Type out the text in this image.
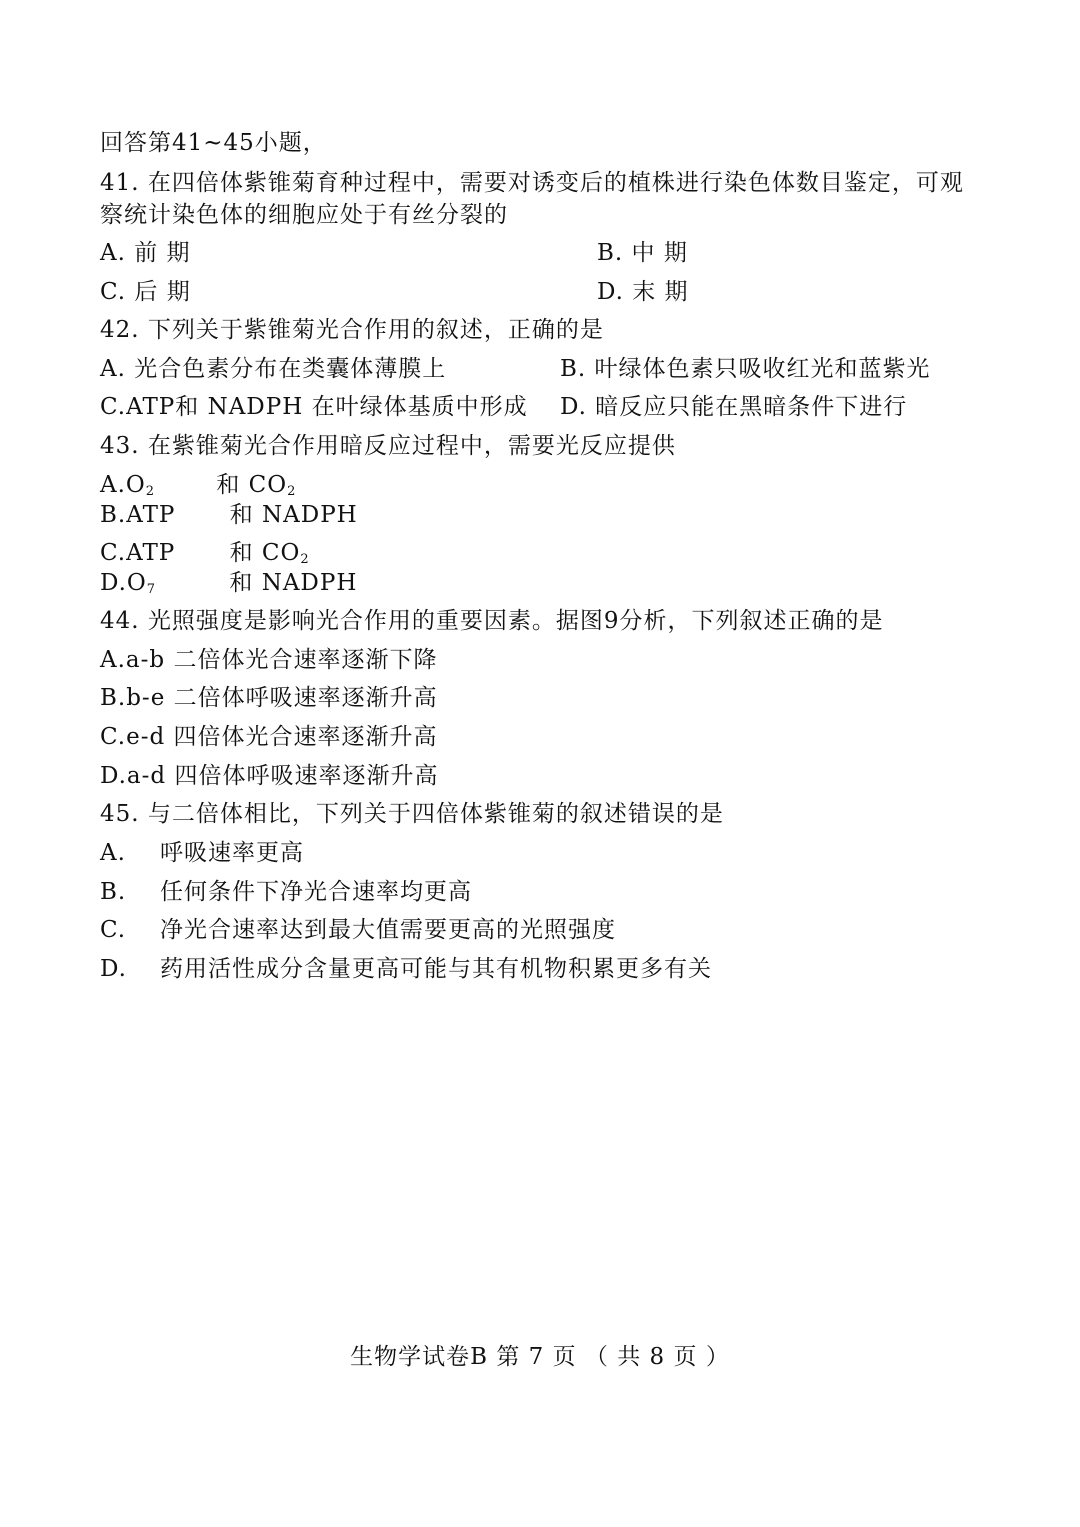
回答第41~45小题，
41. 在四倍体紫锥菊育种过程中，需要对诱变后的植株进行染色体数目鉴定，可观
察统计染色体的细胞应处于有丝分裂的
A. 前 期	B. 中 期
C. 后 期	D. 末 期
42. 下列关于紫锥菊光合作用的叙述，正确的是
A. 光合色素分布在类囊体薄膜上	B. 叶绿体色素只吸收红光和蓝紫光
C.ATP和 NADPH 在叶绿体基质中形成 D. 暗反应只能在黑暗条件下进行
43. 在紫锥菊光合作用暗反应过程中，需要光反应提供
$A.O_2$	和 $CO_2$
B.ATP 和 NADPH
C.ATP 和 $CO_2$
$D.O_7$	和 NADPH
44. 光照强度是影响光合作用的重要因素。据图9分析，下列叙述正确的是
A.a-b 二倍体光合速率逐渐下降
B.b-e 二倍体呼吸速率逐渐升高
C.e-d 四倍体光合速率逐渐升高
D.a-d 四倍体呼吸速率逐渐升高
45. 与二倍体相比，下列关于四倍体紫锥菊的叙述错误的是
A. 呼吸速率更高
B. 任何条件下净光合速率均更高
C. 净光合速率达到最大值需要更高的光照强度
D. 药用活性成分含量更高可能与其有机物积累更多有关
生物学试卷B 第 7 页 （ 共 8 页 ）
